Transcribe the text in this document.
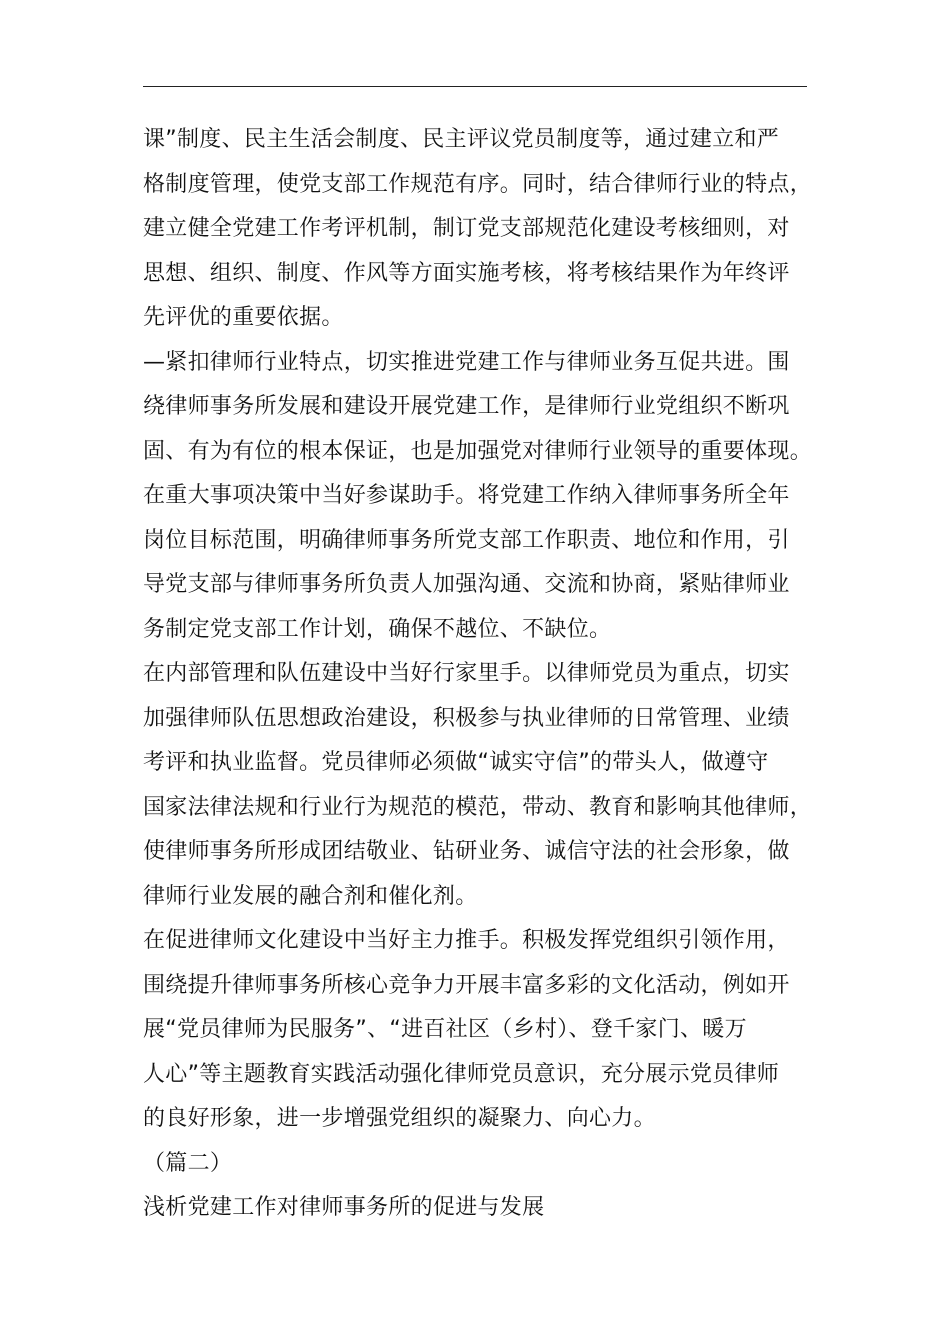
课”制度、民主生活会制度、民主评议党员制度等，通过建立和严
格制度管理，使党支部工作规范有序。同时，结合律师行业的特点，
建立健全党建工作考评机制，制订党支部规范化建设考核细则，对
思想、组织、制度、作风等方面实施考核，将考核结果作为年终评
先评优的重要依据。
—紧扣律师行业特点，切实推进党建工作与律师业务互促共进。围
绕律师事务所发展和建设开展党建工作，是律师行业党组织不断巩
固、有为有位的根本保证，也是加强党对律师行业领导的重要体现。
在重大事项决策中当好参谋助手。将党建工作纳入律师事务所全年
岗位目标范围，明确律师事务所党支部工作职责、地位和作用，引
导党支部与律师事务所负责人加强沟通、交流和协商，紧贴律师业
务制定党支部工作计划，确保不越位、不缺位。
在内部管理和队伍建设中当好行家里手。以律师党员为重点，切实
加强律师队伍思想政治建设，积极参与执业律师的日常管理、业绩
考评和执业监督。党员律师必须做“诚实守信”的带头人，做遵守
国家法律法规和行业行为规范的模范，带动、教育和影响其他律师，
使律师事务所形成团结敬业、钻研业务、诚信守法的社会形象，做
律师行业发展的融合剂和催化剂。
在促进律师文化建设中当好主力推手。积极发挥党组织引领作用，
围绕提升律师事务所核心竞争力开展丰富多彩的文化活动，例如开
展“党员律师为民服务”、“进百社区（乡村）、登千家门、暖万
人心”等主题教育实践活动强化律师党员意识，充分展示党员律师
的良好形象，进一步增强党组织的凝聚力、向心力。
（篇二）
浅析党建工作对律师事务所的促进与发展
